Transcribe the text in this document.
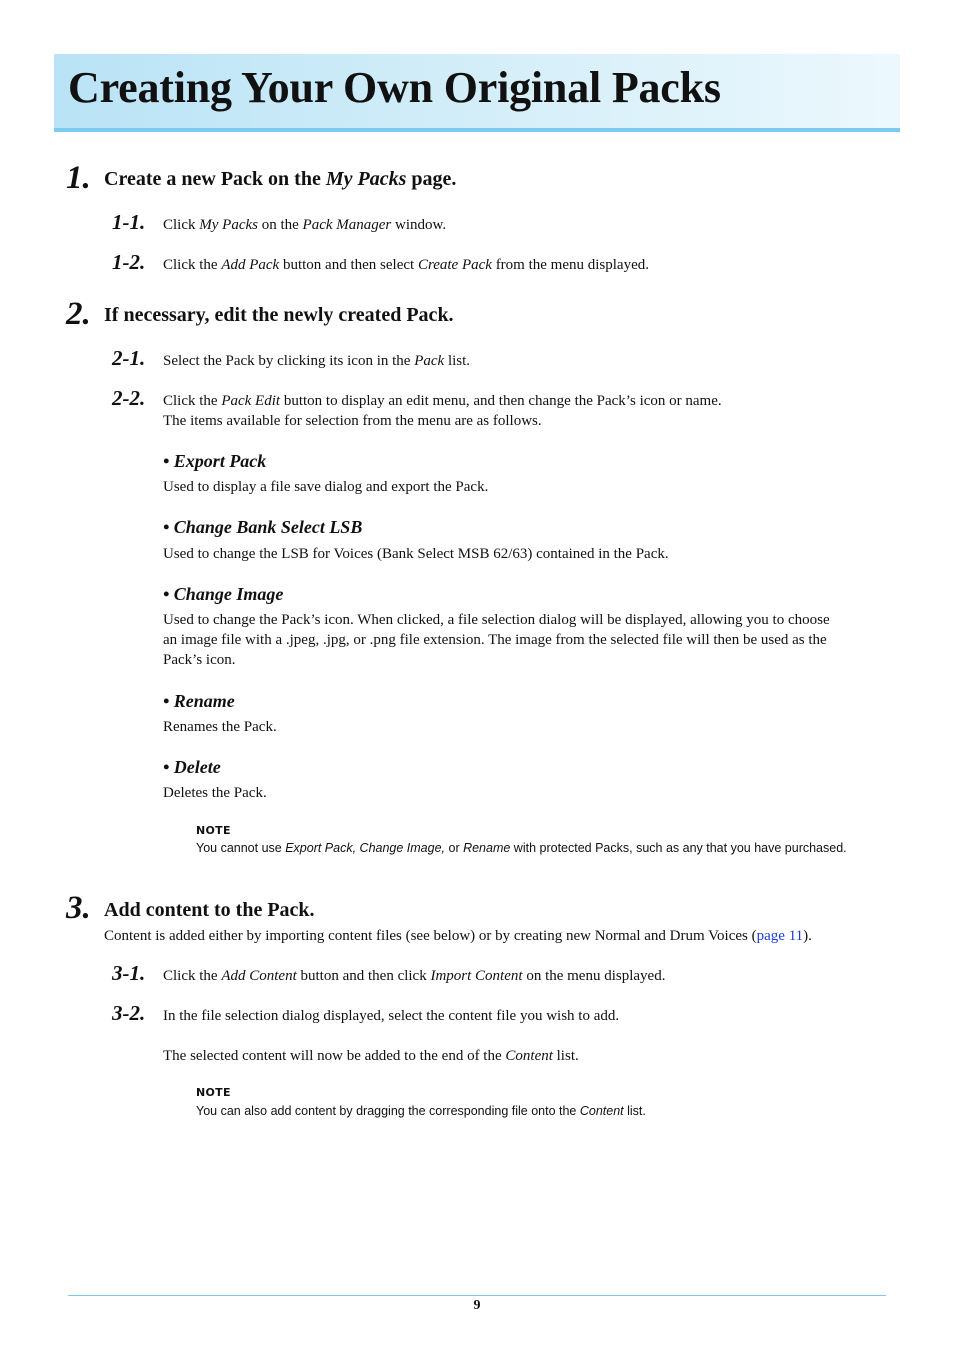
Creating Your Own Original Packs
1. Create a new Pack on the My Packs page.
1-1. Click My Packs on the Pack Manager window.
1-2. Click the Add Pack button and then select Create Pack from the menu displayed.
2. If necessary, edit the newly created Pack.
2-1. Select the Pack by clicking its icon in the Pack list.
2-2. Click the Pack Edit button to display an edit menu, and then change the Pack’s icon or name.
The items available for selection from the menu are as follows.
• Export Pack
Used to display a file save dialog and export the Pack.
• Change Bank Select LSB
Used to change the LSB for Voices (Bank Select MSB 62/63) contained in the Pack.
• Change Image
Used to change the Pack’s icon. When clicked, a file selection dialog will be displayed, allowing you to choose
an image file with a .jpeg, .jpg, or .png file extension. The image from the selected file will then be used as the
Pack’s icon.
• Rename
Renames the Pack.
• Delete
Deletes the Pack.
NOTE
You cannot use Export Pack, Change Image, or Rename with protected Packs, such as any that you have purchased.
3. Add content to the Pack.
Content is added either by importing content files (see below) or by creating new Normal and Drum Voices (page 11).
3-1. Click the Add Content button and then click Import Content on the menu displayed.
3-2. In the file selection dialog displayed, select the content file you wish to add.
The selected content will now be added to the end of the Content list.
NOTE
You can also add content by dragging the corresponding file onto the Content list.
9
